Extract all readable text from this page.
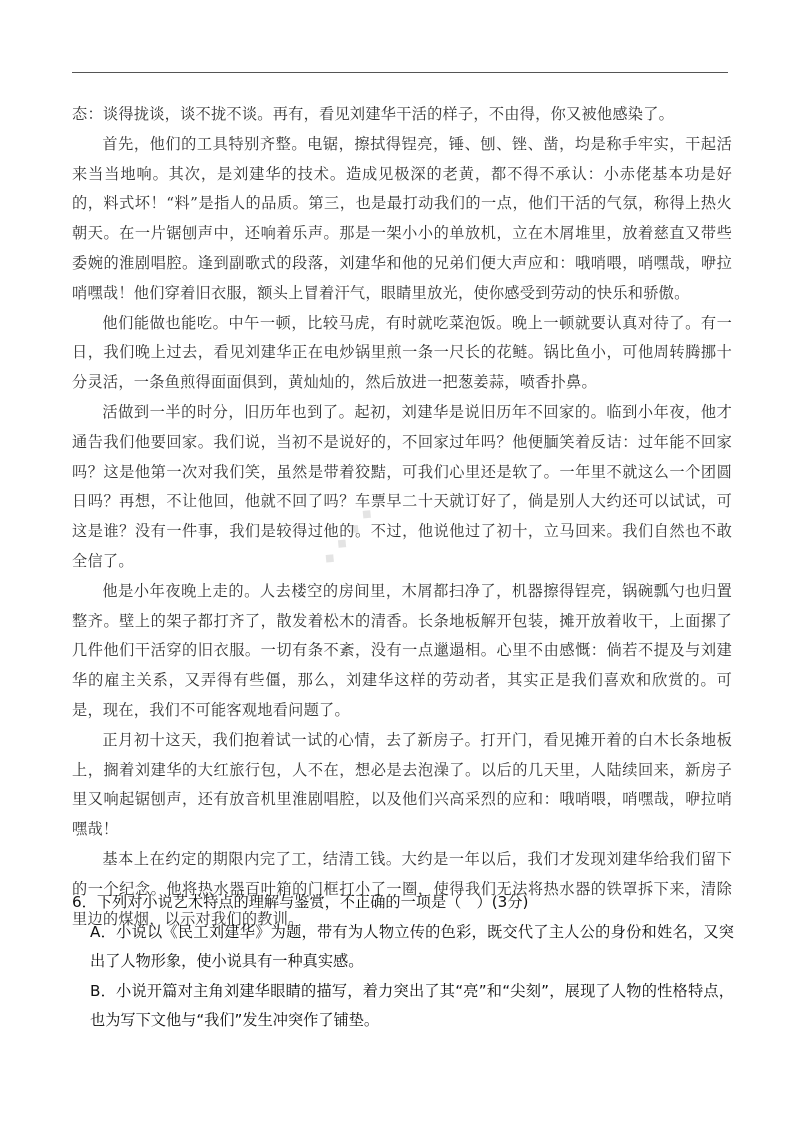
态：谈得拢谈，谈不拢不谈。再有，看见刘建华干活的样子，不由得，你又被他感染了。

首先，他们的工具特别齐整。电锯，擦拭得锃亮，锤、刨、锉、凿，均是称手牢实，干起活来当当地响。其次，是刘建华的技术。造成见极深的老黄，都不得不承认：小赤佬基本功是好的，料式坏！“料”是指人的品质。第三，也是最打动我们的一点，他们干活的气氛，称得上热火朝天。在一片锯刨声中，还响着乐声。那是一架小小的单放机，立在木屑堆里，放着慈直又带些委婉的淮剧唱腔。逢到副歌式的段落，刘建华和他的兄弟们便大声应和：哦哨喂，哨嘿哉，咿拉哨嘿哉！他们穿着旧衣服，额头上冒着汗气，眼睛里放光，使你感受到劳动的快乐和骄傲。

他们能做也能吃。中午一顿，比较马虎，有时就吃菜泡饭。晚上一顿就要认真对待了。有一日，我们晚上过去，看见刘建华正在电炒锅里煎一条一尺长的花鲢。锅比鱼小，可他周转腾挪十分灵活，一条鱼煎得面面俱到，黄灿灿的，然后放进一把葱姜蒜，喷香扑鼻。

活做到一半的时分，旧历年也到了。起初，刘建华是说旧历年不回家的。临到小年夜，他才通告我们他要回家。我们说，当初不是说好的，不回家过年吗？他便腼笑着反诘：过年能不回家吗？这是他第一次对我们笑，虽然是带着狡黠，可我们心里还是软了。一年里不就这么一个团圆日吗？再想，不让他回，他就不回了吗？车票早二十天就订好了，倘是别人大约还可以试试，可这是谁？没有一件事，我们是较得过他的。不过，他说他过了初十，立马回来。我们自然也不敢全信了。

他是小年夜晚上走的。人去楼空的房间里，木屑都扫净了，机器擦得锃亮，锅碗瓢勺也归置整齐。壁上的架子都打齐了，散发着松木的清香。长条地板解开包装，摊开放着收干，上面摞了几件他们干活穿的旧衣服。一切有条不紊，没有一点邋遢相。心里不由感慨：倘若不提及与刘建华的雇主关系，又弄得有些僵，那么，刘建华这样的劳动者，其实正是我们喜欢和欣赏的。可是，现在，我们不可能客观地看问题了。

正月初十这天，我们抱着试一试的心情，去了新房子。打开门，看见摊开着的白木长条地板上，搁着刘建华的大红旅行包，人不在，想必是去泡澡了。以后的几天里，人陆续回来，新房子里又响起锯刨声，还有放音机里淮剧唱腔，以及他们兴高采烈的应和：哦哨喂，哨嘿哉，咿拉哨嘿哉！

基本上在约定的期限内完了工，结清工钱。大约是一年以后，我们才发现刘建华给我们留下的一个纪念。他将热水器百叶箱的门框打小了一圈，使得我们无法将热水器的铁罩拆下来，清除里边的煤烟，以示对我们的教训。

6．下列对小说艺术特点的理解与鉴赏，不正确的一项是（　）(3分)

A．小说以《民工刘建华》为题，带有为人物立传的色彩，既交代了主人公的身份和姓名，又突出了人物形象，使小说具有一种真实感。

B．小说开篇对主角刘建华眼睛的描写，着力突出了其“亮”和“尖刻”，展现了人物的性格特点，也为写下文他与“我们”发生冲突作了铺垫。

◆ ◆ ◆ ◆ ◆
